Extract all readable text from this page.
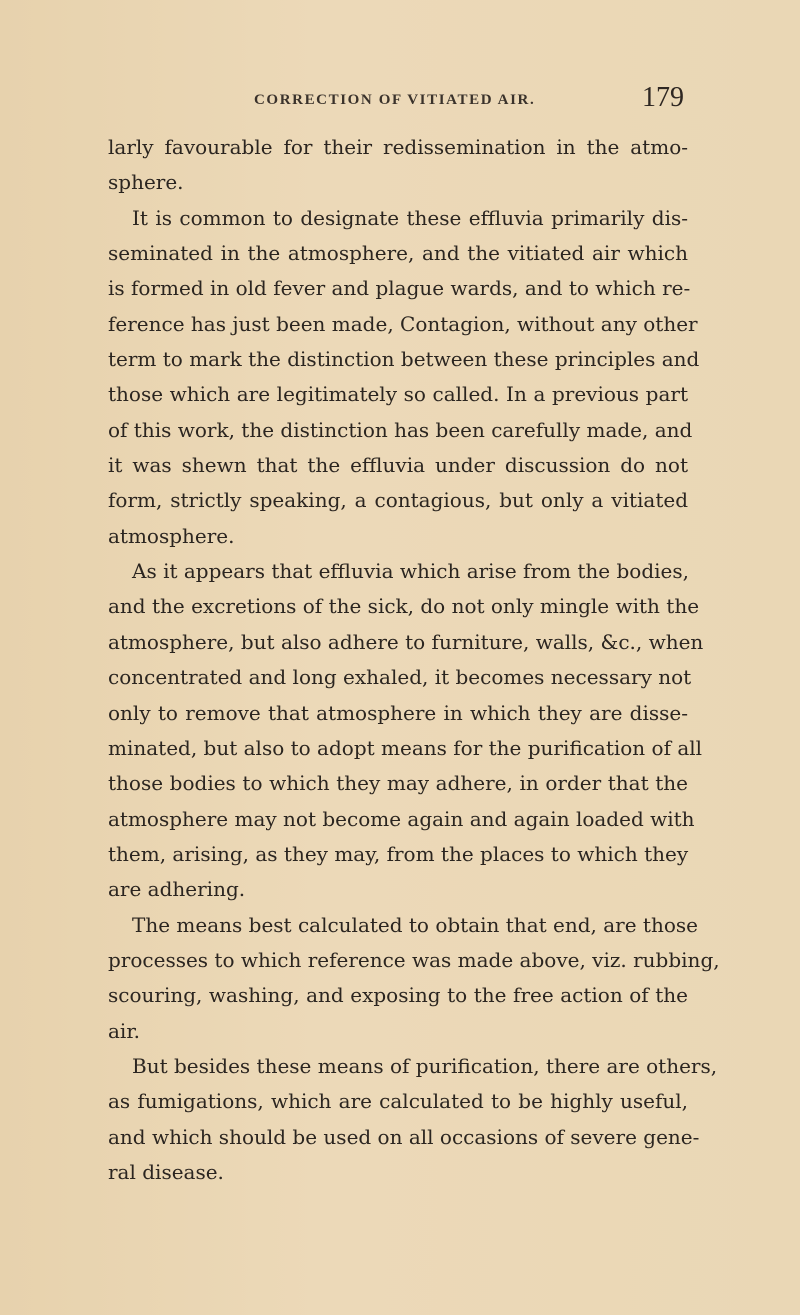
CORRECTION OF VITIATED AIR.	179
larly favourable for their redissemination in the atmo-
sphere.
It is common to designate these effluvia primarily dis-
seminated in the atmosphere, and the vitiated air which
is formed in old fever and plague wards, and to which re-
ference has just been made, Contagion, without any other
term to mark the distinction between these principles and
those which are legitimately so called. In a previous part
of this work, the distinction has been carefully made, and
it was shewn that the effluvia under discussion do not
form, strictly speaking, a contagious, but only a vitiated
atmosphere.
As it appears that effluvia which arise from the bodies,
and the excretions of the sick, do not only mingle with the
atmosphere, but also adhere to furniture, walls, &c., when
concentrated and long exhaled, it becomes necessary not
only to remove that atmosphere in which they are disse-
minated, but also to adopt means for the purification of all
those bodies to which they may adhere, in order that the
atmosphere may not become again and again loaded with
them, arising, as they may, from the places to which they
are adhering.
The means best calculated to obtain that end, are those
processes to which reference was made above, viz. rubbing,
scouring, washing, and exposing to the free action of the
air.
But besides these means of purification, there are others,
as fumigations, which are calculated to be highly useful,
and which should be used on all occasions of severe gene-
ral disease.
